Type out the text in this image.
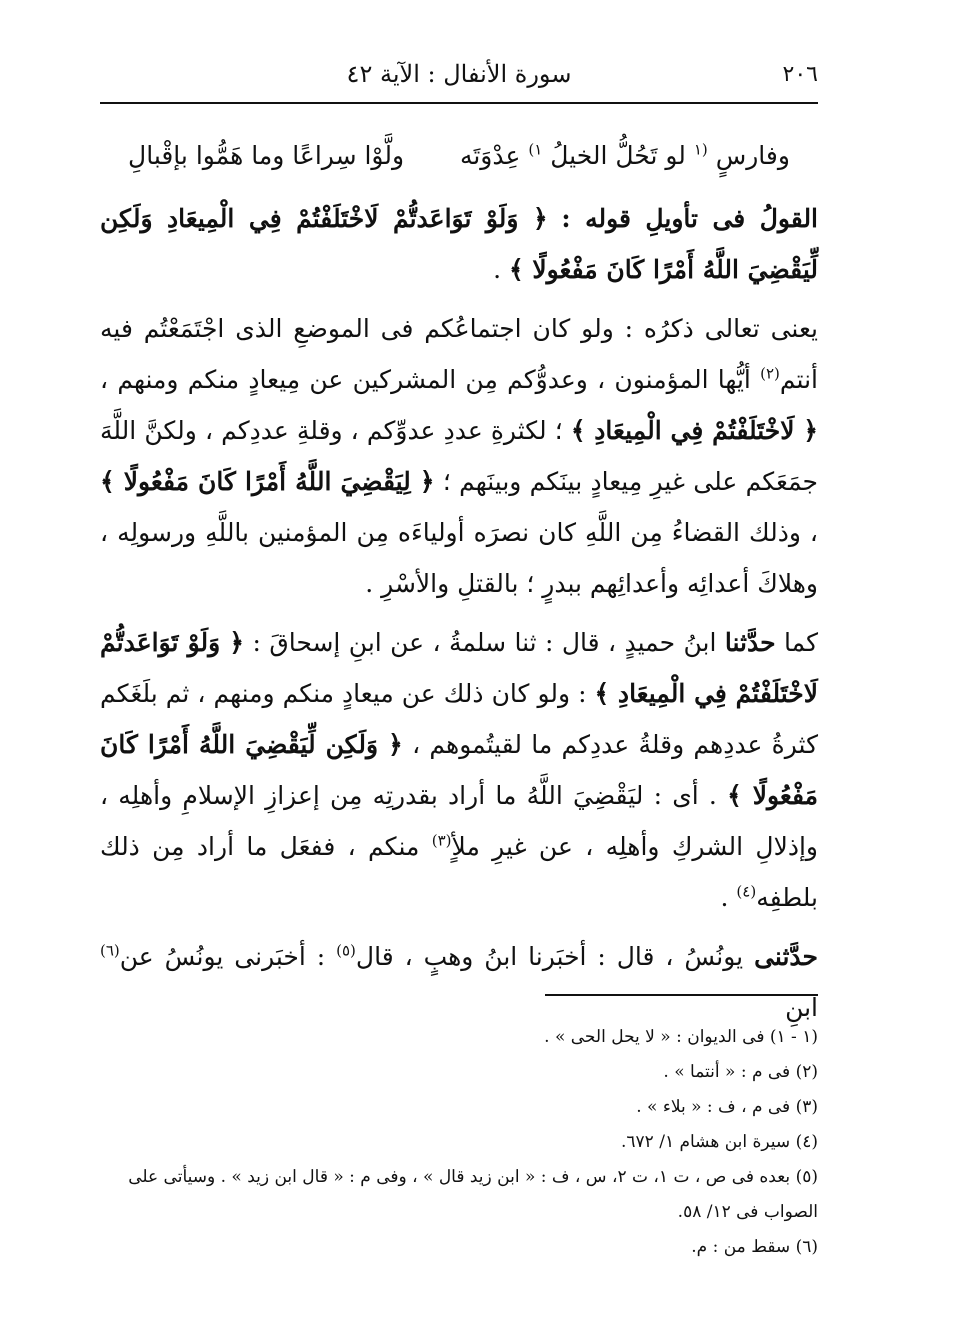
٢٠٦
سورة الأنفال : الآية ٤٢

وفارسٍ $^{(١}$ لو تَحُلُّ الخيلُ $^{١)}$ عِدْوَتَه  ولَّوْا سِراعًا وما هَمُّوا بإقْبالِ

القولُ فى تأويلِ قوله : ﴿ وَلَوْ تَوَاعَدتُّمْ لَاخْتَلَفْتُمْ فِي الْمِيعَادِ وَلَكِن لِّيَقْضِيَ اللَّهُ أَمْرًا كَانَ مَفْعُولًا ﴾ .

يعنى تعالى ذكرُه : ولو كان اجتماعُكم فى الموضعِ الذى اجْتَمَعْتُم فيه أنتم$^{(٢)}$ أيُّها المؤمنون ، وعدوُّكم مِن المشركين عن مِيعادٍ منكم ومنهم ، ﴿ لَاخْتَلَفْتُمْ فِي الْمِيعَادِ ﴾ ؛ لكثرةِ عددِ عدوِّكم ، وقلةِ عددِكم ، ولكنَّ اللَّهَ جمَعَكم على غيرِ مِيعادٍ بينَكم وبينَهم ؛ ﴿ لِيَقْضِيَ اللَّهُ أَمْرًا كَانَ مَفْعُولًا ﴾ ، وذلك القضاءُ مِن اللَّهِ كان نصرَه أولياءَه مِن المؤمنين باللَّهِ ورسولِه ، وهلاكَ أعدائِه وأعدائِهم ببدرٍ ؛ بالقتلِ والأسْرِ .

كما حدَّثنا ابنُ حميدٍ ، قال : ثنا سلمةُ ، عن ابنِ إسحاقَ : ﴿ وَلَوْ تَوَاعَدتُّمْ لَاخْتَلَفْتُمْ فِي الْمِيعَادِ ﴾ : ولو كان ذلك عن ميعادٍ منكم ومنهم ، ثم بلَغَكم كثرةُ عددِهم وقلةُ عددِكم ما لقيتُموهم ، ﴿ وَلَكِن لِّيَقْضِيَ اللَّهُ أَمْرًا كَانَ مَفْعُولًا ﴾ . أى : ليَقْضِيَ اللَّهُ ما أراد بقدرتِه مِن إعزازِ الإسلامِ وأهلِه ، وإذلالِ الشركِ وأهلِه ، عن غيرِ ملأٍ$^{(٣)}$ منكم ، ففعَل ما أراد مِن ذلك بلطفِه$^{(٤)}$ .

حدَّثنى يونُسُ ، قال : أخبَرنا ابنُ وهبٍ ، قال$^{(٥)}$ : أخبَرنى يونُسُ عن$^{(٦)}$ ابنِ

(١ - ١) فى الديوان : « لا يحل الحى » .

(٢) فى م : « أنتما » .

(٣) فى م ، ف : « بلاء » .

(٤) سيرة ابن هشام ١/ ٦٧٢.

(٥) بعده فى ص ، ت ١، ت ٢، س ، ف : « ابن زيد قال » ، وفى م : « قال ابن زيد » . وسيأتى على الصواب فى ١٢/ ٥٨.

(٦) سقط من : م.
